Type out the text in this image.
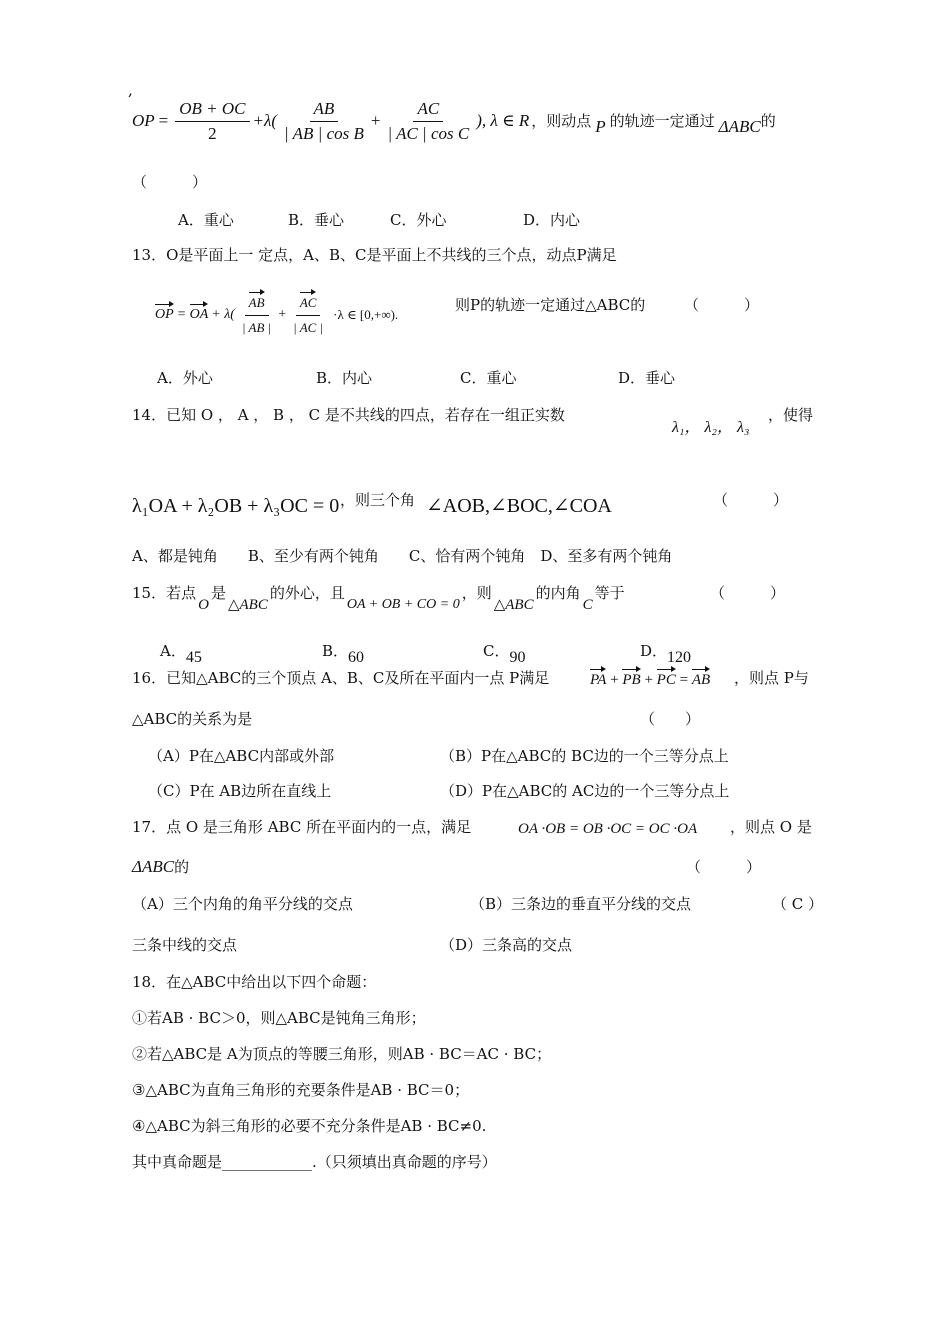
,
OP = $\frac{OB + OC}{2} +\lambda( \frac{AB}{\text{| AB | cos B}} + \frac{AC}{\text{| AC | cos C}}$ ), λ ∈ R ，则动点 P 的轨迹一定通过 ΔABC 的
（　　　）
A．重心	B．垂心	C．外心	D．内心
13．O是平面上一 定点，A、B、C是平面上不共线的三个点，动点P满足
OP = OA + $\lambda( \frac{AB}{| AB |} + \frac{AC}{| AC |} \cdot\lambda$ ∈ [0,+∞).
则P的轨迹一定通过△ABC的	（　　　）
A．外心	B．内心	C．重心	D．垂心
14．已知 O ， A ， B ， C 是不共线的四点，若存在一组正实数
λ₁， λ₂， λ₃
，使得
λ₁OA + λ₂OB + λ₃OC = 0 ，则三个角 ∠AOB,∠BOC,∠COA	（　　　）
A、都是钝角　　B、至少有两个钝角　　C、恰有两个钝角　D、至多有两个钝角
15．若点
O
是
△ABC
的外心，且
OA + OB + CO = 0
，则
△ABC
的内角
C
等于	（　　　）
A．45	B．60	C．90	D．120
16．已知△ABC的三个顶点 A、B、C及所在平面内一点 P满足	PA + PB + PC = AB ，则点 P与
△ABC的关系为是	（　　）
（A）P在△ABC内部或外部	（B）P在△ABC的 BC边的一个三等分点上
（C）P在 AB边所在直线上	（D）P在△ABC的 AC边的一个三等分点上
17．点 O 是三角形 ABC 所在平面内的一点，满足	OA ·OB = OB ·OC = OC ·OA ，则点 O 是
ΔABC的	（　　　）
（A）三个内角的角平分线的交点	（B）三条边的垂直平分线的交点	（ C ）
三条中线的交点	（D）三条高的交点
18．在△ABC中给出以下四个命题：
①若AB · BC＞0，则△ABC是钝角三角形；
②若△ABC是 A为顶点的等腰三角形，则AB · BC＝AC · BC；
③△ABC为直角三角形的充要条件是AB · BC＝0；
④△ABC为斜三角形的必要不充分条件是AB · BC≠0.
其中真命题是____________.（只须填出真命题的序号）
